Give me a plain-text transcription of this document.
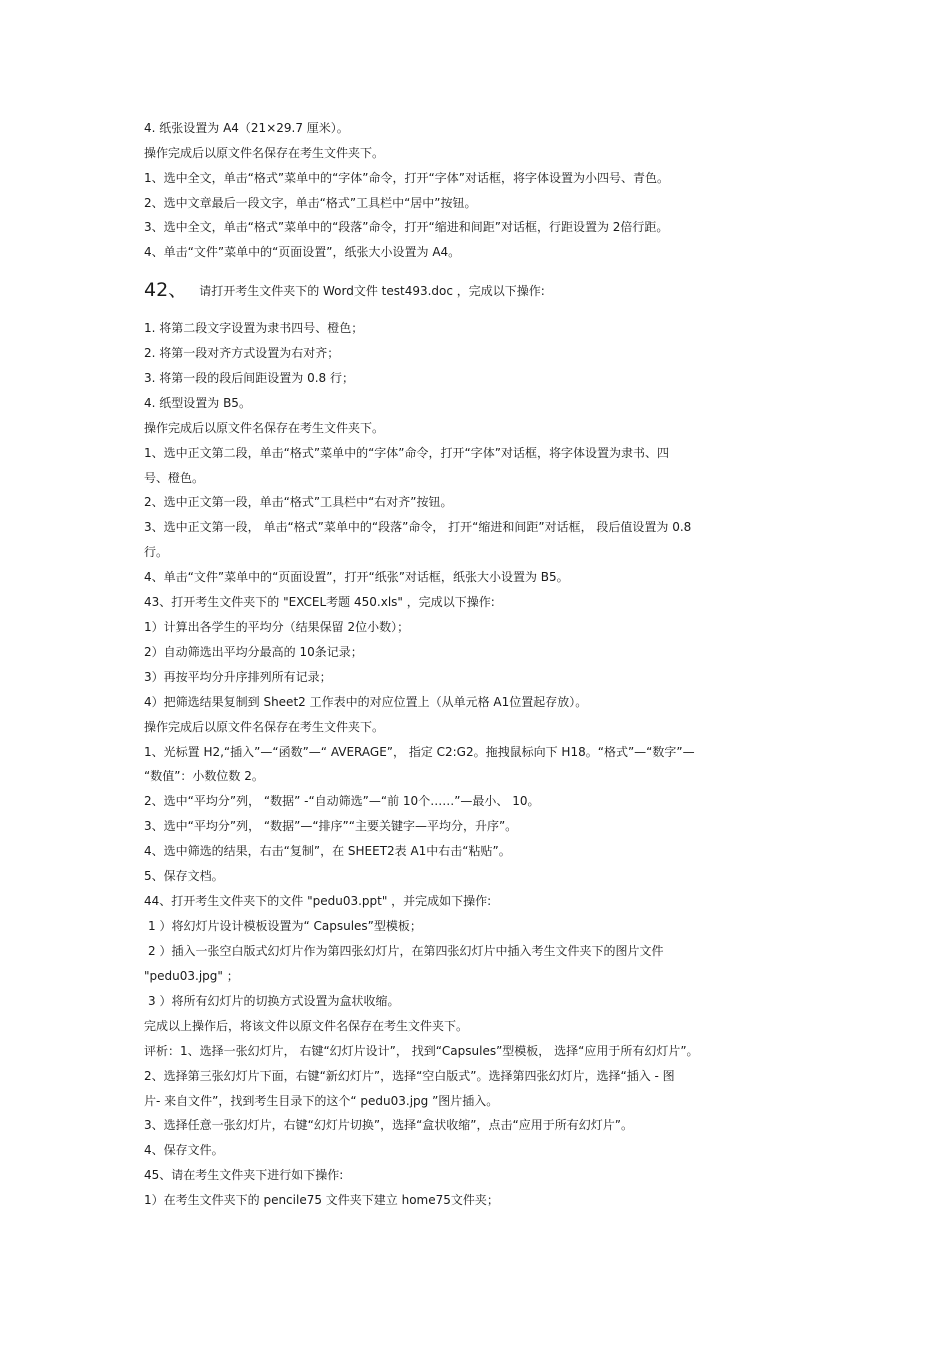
4. 纸张设置为 A4（21×29.7 厘米）。
操作完成后以原文件名保存在考生文件夹下。
1、选中全文，单击“格式”菜单中的“字体”命令，打开“字体”对话框，将字体设置为小四号、青色。
2、选中文章最后一段文字，单击“格式”工具栏中“居中”按钮。
3、选中全文，单击“格式”菜单中的“段落”命令，打开“缩进和间距”对话框，行距设置为 2倍行距。
4、单击“文件”菜单中的“页面设置”，纸张大小设置为 A4。
42、 请打开考生文件夹下的 Word文件 test493.doc ，完成以下操作:
1. 将第二段文字设置为隶书四号、橙色；
2. 将第一段对齐方式设置为右对齐；
3. 将第一段的段后间距设置为 0.8 行；
4. 纸型设置为 B5。
操作完成后以原文件名保存在考生文件夹下。
1、选中正文第二段，单击“格式”菜单中的“字体”命令，打开“字体”对话框，将字体设置为隶书、四
号、橙色。
2、选中正文第一段，单击“格式”工具栏中“右对齐”按钮。
3、选中正文第一段， 单击“格式”菜单中的“段落”命令， 打开“缩进和间距”对话框， 段后值设置为 0.8
行。
4、单击“文件”菜单中的“页面设置”，打开“纸张”对话框，纸张大小设置为 B5。
43、打开考生文件夹下的 "EXCEL考题 450.xls" ，完成以下操作:
1）计算出各学生的平均分（结果保留 2位小数）；
2）自动筛选出平均分最高的 10条记录；
3）再按平均分升序排列所有记录；
4）把筛选结果复制到 Sheet2 工作表中的对应位置上（从单元格 A1位置起存放）。
操作完成后以原文件名保存在考生文件夹下。
1、光标置 H2,“插入”—“函数”—“ AVERAGE”， 指定 C2:G2。拖拽鼠标向下 H18。“格式”—“数字”—
“数值”：小数位数 2。
2、选中“平均分”列， “数据” -“自动筛选”—“前 10个……”—最小、 10。
3、选中“平均分”列， “数据”—“排序”“主要关键字—平均分，升序”。
4、选中筛选的结果，右击“复制”，在 SHEET2表 A1中右击“粘贴”。
5、保存文档。
44、打开考生文件夹下的文件 "pedu03.ppt" ，并完成如下操作:
1 ）将幻灯片设计模板设置为“ Capsules”型模板；
2 ）插入一张空白版式幻灯片作为第四张幻灯片，在第四张幻灯片中插入考生文件夹下的图片文件
"pedu03.jpg" ；
3 ）将所有幻灯片的切换方式设置为盒状收缩。
完成以上操作后，将该文件以原文件名保存在考生文件夹下。
评析：1、选择一张幻灯片， 右键“幻灯片设计”， 找到“Capsules”型模板， 选择“应用于所有幻灯片”。
2、选择第三张幻灯片下面，右键“新幻灯片”，选择“空白版式”。选择第四张幻灯片，选择“插入 - 图
片- 来自文件”，找到考生目录下的这个“ pedu03.jpg ”图片插入。
3、选择任意一张幻灯片，右键“幻灯片切换”，选择“盒状收缩”，点击“应用于所有幻灯片”。
4、保存文件。
45、请在考生文件夹下进行如下操作:
1）在考生文件夹下的 pencile75 文件夹下建立 home75文件夹；
